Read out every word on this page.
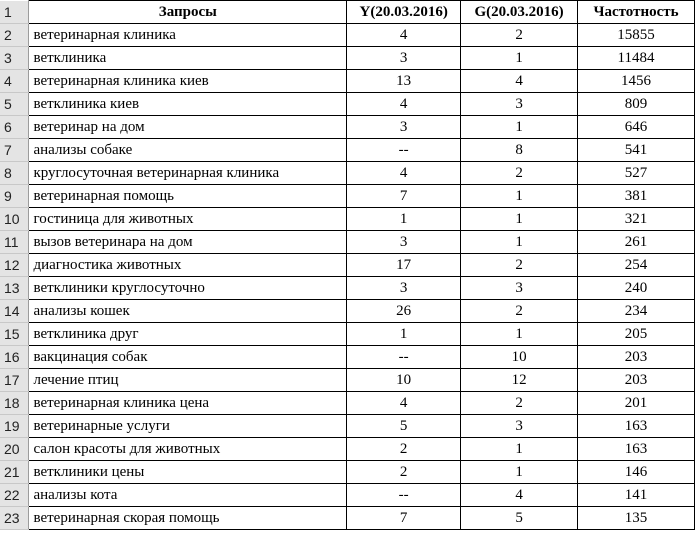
1	Запросы	Y(20.03.2016)	G(20.03.2016)	Частотность
2	ветеринарная клиника	4	2	15855
3	ветклиника	3	1	11484
4	ветеринарная клиника киев	13	4	1456
5	ветклиника киев	4	3	809
6	ветеринар на дом	3	1	646
7	анализы собаке	--	8	541
8	круглосуточная ветеринарная клиника	4	2	527
9	ветеринарная помощь	7	1	381
10	гостиница для животных	1	1	321
11	вызов ветеринара на дом	3	1	261
12	диагностика животных	17	2	254
13	ветклиники круглосуточно	3	3	240
14	анализы кошек	26	2	234
15	ветклиника друг	1	1	205
16	вакцинация собак	--	10	203
17	лечение птиц	10	12	203
18	ветеринарная клиника цена	4	2	201
19	ветеринарные услуги	5	3	163
20	салон красоты для животных	2	1	163
21	ветклиники цены	2	1	146
22	анализы кота	--	4	141
23	ветеринарная скорая помощь	7	5	135
